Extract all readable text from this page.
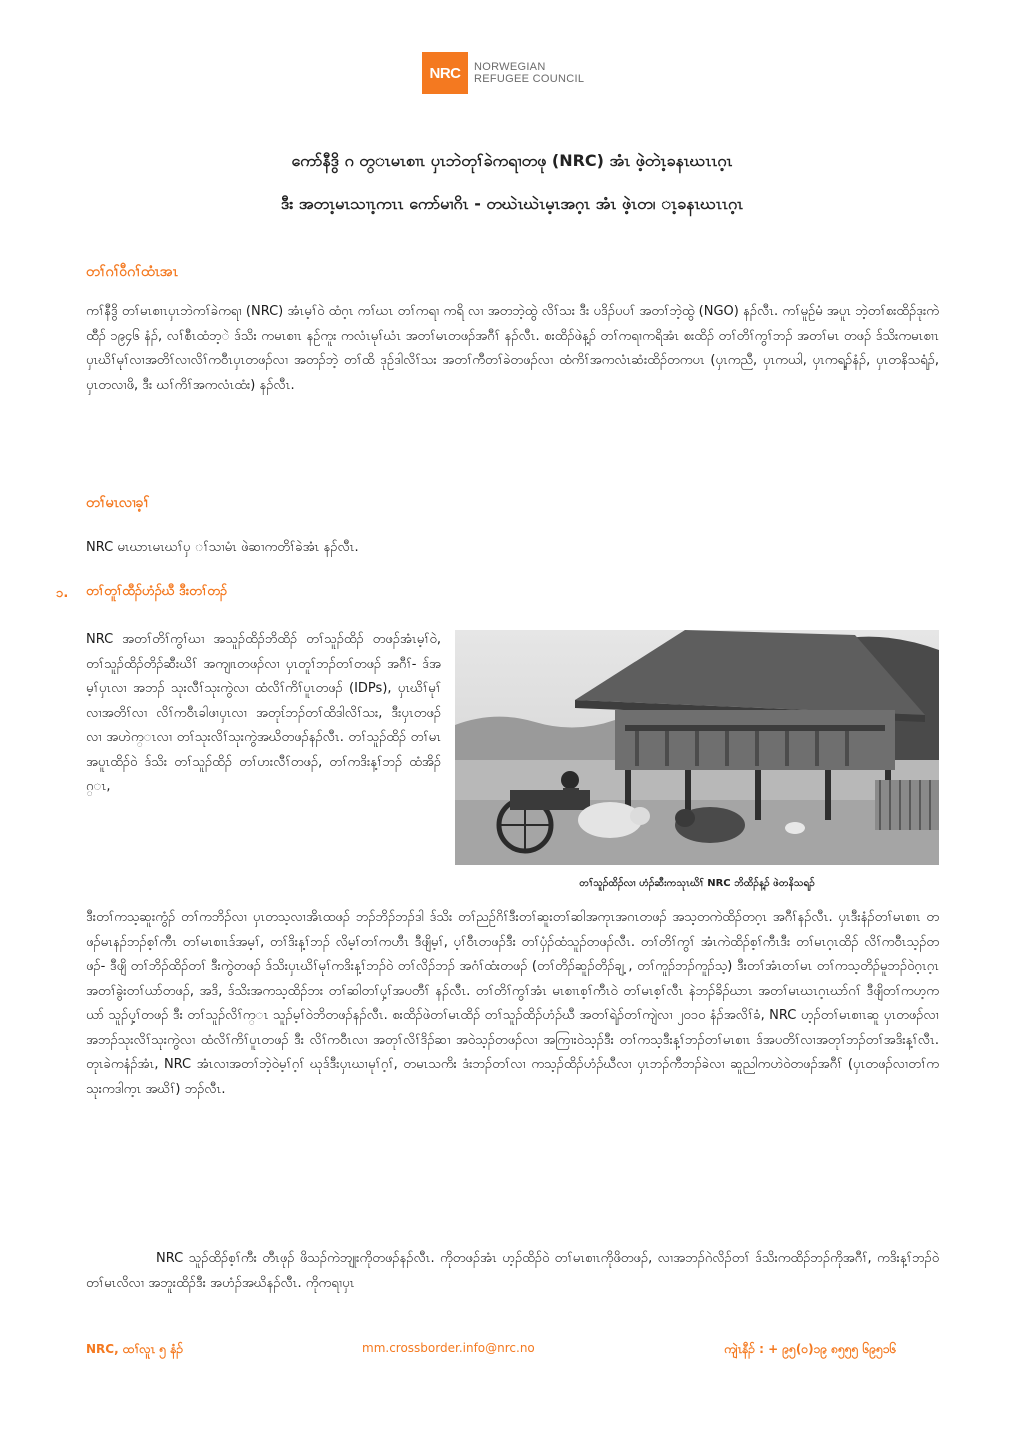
NRC	NORWEGIAN
REFUGEE COUNCIL
ကော်နီဒွိ ဂ တ္ၤမၤစၢၤ ပှၤဘဲတုၢ်ခဲကရၢတဖု (NRC) အံၤ ဖဲ့တဲၤ့ခနၤဃၤၤဂ့ၤ
ဒီး အတၤ့မၤသၢၤ့ကၤၤ ကော်မၢဂိၤ - တဃဲၤဃဲၤမ့ၤအဂ့ၤ အံၤ ဖဲ့ၤတ၊ ၤ့ခနၤဃၤၤဂ့ၤ
တၢ်ဂၢ်ဝီဂၢ်ထံၤအၤ
ကၢ်နီဒွိ တၢ်မၤစၢၤပှၤဘဲကၢ်ခဲကရၢ (NRC) အံၤမ့ၢ်ဝဲ ထံဂ့ၤ ကၢ်ဃၤ တၢ်ကရၢ ကရိ လၢ အတဘဲ့ထွဲ လိၢ်သး ဒီး ပဒိၣ်ပပၢ် အတၢ်ဘဲ့ထွဲ (NGO) နၣ်လီၤ. ကၢ်မူဉ်မံ အပူၤ ဘဲ့တၢ်စးထိၣ်ဒုးကဲထီၣ် ၁၉၄၆ နံၣ်, လၢ်စီၤထံဘ့ဲ ဒ်သိး ကမၤစၢၤ နဉ်ကူး ကလံၤမုၢ်ဃံၤ အတၢ်မၤတဖၣ်အဂီၢ် နၣ်လီၤ. စးထိၣ်ဖဲန့ၣ် တၢ်ကရၢကရိအံၤ စးထိၣ် တၢ်တိၢ်ကွၢ်ဘၣ် အတၢ်မၤ တဖၣ် ဒ်သိးကမၤစၢၤ ပှၤဃိၢ်မုၢ်လၢအတိၢ်လၢလိၢ်ကဝီၤပှၤတဖၣ်လၢ အတၣ်ဘဲ့ တၢ်ထိ ဒုဉ်ဒါလိၢ်သး အတၢ်ကီတၢ်ခဲတဖၣ်လၢ ထံကိၢ်အကလံၤဆံးထိၣ်တကပၤ (ပှၤကညီ, ပှၤကယါ, ပှၤကရ့ၣ်နံၣ်, ပှၤတနိသရံၣ်, ပှၤတလၢဖိ, ဒီး ဃၢ်ကိၢ်အကလံၤထံး) နၣ်လီၤ.
တၢ်မၤလၢခ့ၢ်
NRC မၤဃာၤမၤဃၢ်ပှ ၢ်သၢမံၤ ဖဲဆၢကတိၢ်ခဲအံၤ နၣ်လီၤ.
၁. တၢ်တူၢ်ထီၣ်ဟံၣ်ဃီ ဒီးတၢ်တၣ်
NRC အတၢ်တိၢ်ကွၢ်ဃၢ အသူၣ်ထိၣ်ဘိထိၣ် တၢ်သူၣ်ထိၣ် တဖၣ်အံၤမ့ၢ်ဝဲ, တၢ်သူၣ်ထိၣ်တိၣ်ဆီးဃိၢ် အကျ၊ၤတဖၣ်လၢ ပှၤတူၢ်ဘၣ်တၢ်တဖၣ် အဂီၢ်- ဒ်အမ့ၢ်ပှၤလၢ အဘၣ် သုးလီၢ်သုးကွဲလၢ ထံလိၢ်ကိၢ်ပူၤတဖၣ် (IDPs), ပှၤဃိၢ်မုၢ်လၢအတိၢ်လၢ လိၢ်ကဝီၤခါဖၢပှၤလၢ အတုၤ်ဘၣ်တၢ်ထိဒါလိၢ်သး, ဒီးပှၤတဖၣ်လၢ အဟဲက္ၤလၢ တၢ်သုးလိၢ်သုးကွဲအဃိတဖၣ်နၣ်လီၤ. တၢ်သူၣ်ထိၣ် တၢ်မၤအပူၤထိၣ်ဝဲ ဒ်သိး တၢ်သူၣ်ထိၣ် တၢ်ဟးလီၢ်တဖၣ်, တၢ်ကဒိးန့ၢ်ဘၣ် ထံအိၣ်ဂ္ၤ,
တၢ်သူၣ်ထိၣ်လၢ ဟံၣ်ဆီးကသုၤဃိၢ် NRC ဘိထိၣ်န့ၣ် ဖဲတနိသရၣ်
ဒီးတၢ်ကသ့ဆူးကွံၣ် တၢ်ကဘိၣ်လၢ ပှၤတသ့လၢအိၤထဖၣ် ဘၣ်ဘိၣ်ဘၣ်ဒါ ဒ်သိး တၢ်ညဉ်ဂိၢ်ဒီးတၢ်ဆူးတၢ်ဆါအကုၤအဂၤတဖၣ် အသ့တကဲထိၣ်တဂ့ၤ အဂီၢ်နၣ်လီၤ. ပှၤဒီးနံၣ်တၢ်မၤစၢၤ တဖၣ်မၤနၣ်ဘၣ်စ့ၢ်ကီၤ တၢ်မၤစၢၤဒ်အမ့ၢ်, တၢ်ဒိးန့ၢ်ဘၣ် လိမ့ၢ်တၢ်ကဟီၤ ဒီဖျိမ့ၢ်, ပ့ၢ်ဝီၤတဖၣ်ဒီး တၢ်ပှံၣ်ထံသူၣ်တဖၣ်လီၤ. တၢ်တိၢ်ကွၢ် အံၤကဲထိၣ်စ့ၢ်ကီၤဒီး တၢ်မၤဂ့ၤထိၣ် လိၢ်ကဝီၤသ့ၣ်တဖၣ်- ဒီဖျိ တၢ်ဘိၣ်ထိၣ်တၢ် ဒီးကွဲတဖၣ် ဒ်သိးပှၤဃိၢ်မုၢ်ကဒိးန့ၢ်ဘၣ်ဝဲ တၢ်လိၣ်ဘၣ် အဂံၢ်ထံးတဖၣ် (တၢ်တိၣ်ဆူၣ်တိၣ်ချ့ , တၢ်ကူၣ်ဘၣ်ကူၣ်သ့) ဒီးတၢ်အံၤတၢ်မၤ တၢ်ကသ့တိၣ်မူဘၣ်ဝဲဂ့ၤဂ့ၤအတၢ်ခွဲးတၢ်ယာ်တဖၣ်, အဒိ, ဒ်သိးအကသ့ထိၣ်ဘး တၢ်ဆါတၢ်ပှ့ၢ်အပတီၢ် နၣ်လီၤ. တၢ်တိၢ်ကွၢ်အံၤ မၤစၢၤစ့ၢ်ကီၤဝဲ တၢ်မၤစ့ၢ်လီၤ နဲဘၣ်ခိၣ်ဃာၤ အတၢ်မၤဃၤဂ့ၤဃာ်ဂၢ် ဒီဖျိတၢ်ကဟ့ကယာ် သူၣ်ပှ့ၢ်တဖၣ် ဒီး တၢ်သူၣ်လိၢ်က္ၤ သူၣ်မ့ၢ်ဝဲဘိတဖၣ်နၣ်လီၤ. စးထိၣ်ဖဲတၢ်မၤထိၣ် တၢ်သူၣ်ထိၣ်ဟံၣ်ဃီ အတၢ်ရဲၣ်တၢ်ကျဲလၢ ၂၀၁၀ နံၣ်အလိၢ်ခံ, NRC ဟ့ၣ်တၢ်မၤစၢၤဆူ ပှၤတဖၣ်လၢ အဘၣ်သုးလိၢ်သုးကွဲလၢ ထံလိၢ်ကိၢ်ပူၤတဖၣ် ဒီး လိၢ်ကဝီၤလၢ အတုၢ်လိၢ်ဒိၣ်ဆၢ အဝဲသ့ၣ်တဖၣ်လၢ အကြၢးဝဲသ့ၣ်ဒီး တၢ်ကသ့ဒီးန့ၢ်ဘၣ်တၢ်မၤစၢၤ ဒ်အပတိၢ်လၢအတုၢ်ဘၣ်တၢ်အဒိးန့ၢ်လီၤ. တုၤခဲကနံၣ်အံၤ, NRC အံၤလၢအတၢ်ဘဲ့ဝဲမ့ၢ်ဂ့ၢ် ဃုဒ်ဒီးပှၤဃၢမုၢ်ဂ့ၢ်, တမၤသကိး ဒံးဘၣ်တၢ်လၢ ကသ့ၣ်ထိၣ်ဟံၣ်ဃီလၢ ပှၤဘၣ်ကီဘၣ်ခဲလၢ ဆူညါကဟဲဝဲတဖၣ်အဂီၢ် (ပှၤတဖၣ်လၢတၢ်ကသုးကဒါက့ၤ အဃိၢ်) ဘၣ်လီၤ.
NRC သူၣ်ထိၣ်စ့ၢ်ကီး တီၤဖုၣ် ဖိသၣ်ကဲဘျုးကိုတဖၣ်နၣ်လီၤ. ကိုတဖၣ်အံၤ ဟ့ၣ်ထိၣ်ဝဲ တၢ်မၤစၢၤကိုဖိတဖၣ်, လၢအဘၣ်ဂဲလိၣ်တၢ် ဒ်သိးကထိၣ်ဘၣ်ကိုအဂီၢ်, ကဒိးန့ၢ်ဘၣ်ဝဲ တၢ်မၤလိလၢ အဘူးထိၣ်ဒီး အဟံၣ်အဃိနၣ်လီၤ. ကိုကရၢပှၤ
NRC, ထၢ်လူၤ ၅ နံၣ်	mm.crossborder.info@nrc.no	ကျဲၤနီၣ် : + ၉၅(၀)၁၉ ၈၅၅၅ ၆၉၅၁၆
